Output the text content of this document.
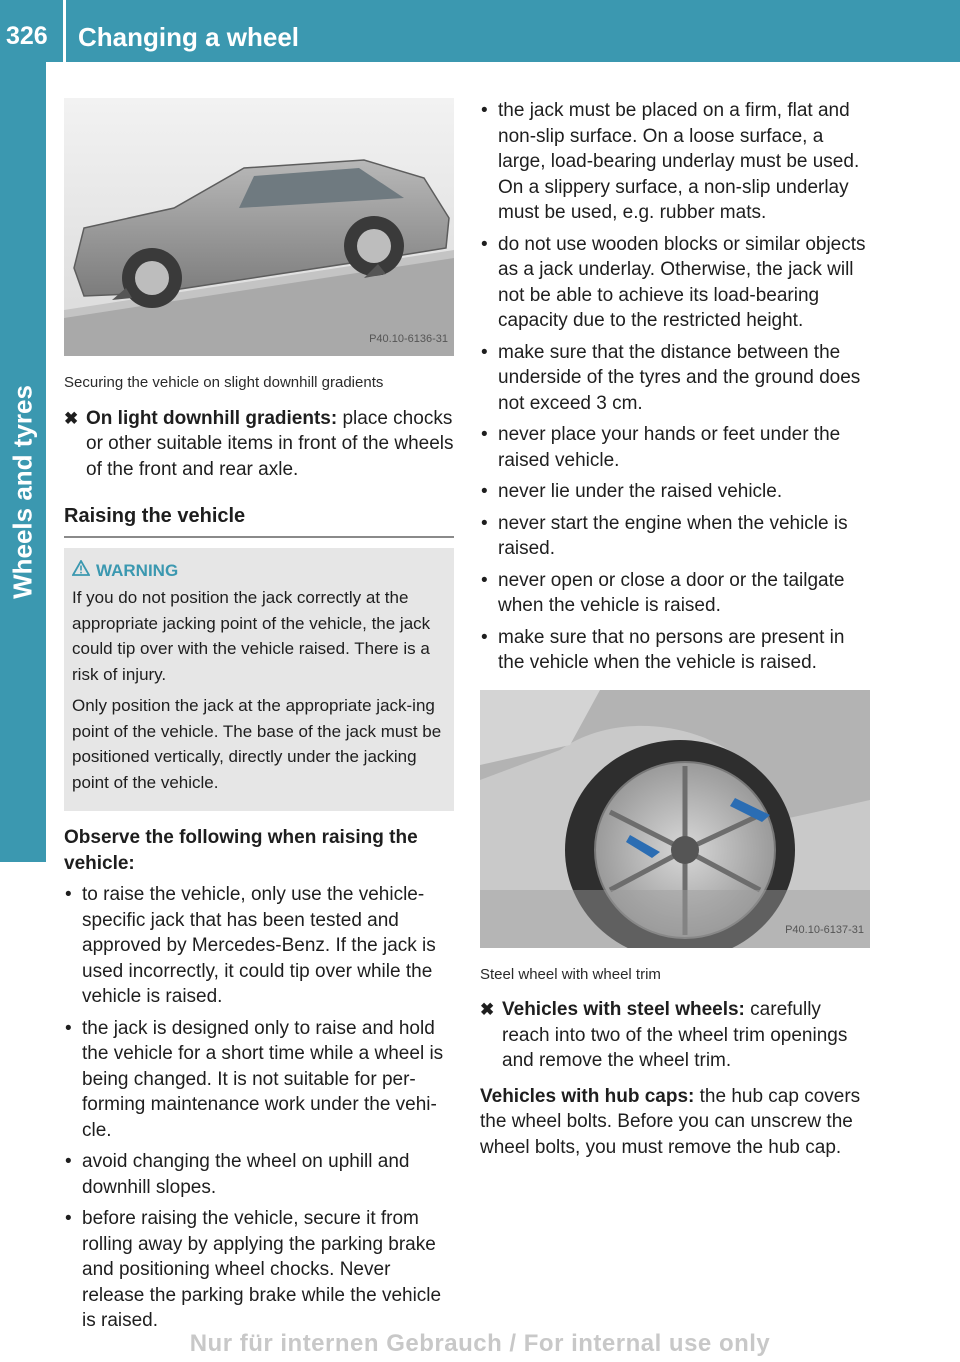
326 Changing a wheel
Wheels and tyres
P40.10-6136-31
Securing the vehicle on slight downhill gradients
✖ On light downhill gradients: place chocks or other suitable items in front of the wheels of the front and rear axle.
Raising the vehicle
WARNING

If you do not position the jack correctly at the appropriate jacking point of the vehicle, the jack could tip over with the vehicle raised. There is a risk of injury.

Only position the jack at the appropriate jack-ing point of the vehicle. The base of the jack must be positioned vertically, directly under the jacking point of the vehicle.

Observe the following when raising the vehicle:
• to raise the vehicle, only use the vehicle-specific jack that has been tested and approved by Mercedes-Benz. If the jack is used incorrectly, it could tip over while the vehicle is raised.
• the jack is designed only to raise and hold the vehicle for a short time while a wheel is being changed. It is not suitable for per-forming maintenance work under the vehi-cle.
• avoid changing the wheel on uphill and downhill slopes.
• before raising the vehicle, secure it from rolling away by applying the parking brake and positioning wheel chocks. Never release the parking brake while the vehicle is raised.
• the jack must be placed on a firm, flat and non-slip surface. On a loose surface, a large, load-bearing underlay must be used. On a slippery surface, a non-slip underlay must be used, e.g. rubber mats.
• do not use wooden blocks or similar objects as a jack underlay. Otherwise, the jack will not be able to achieve its load-bearing capacity due to the restricted height.
• make sure that the distance between the underside of the tyres and the ground does not exceed 3 cm.
• never place your hands or feet under the raised vehicle.
• never lie under the raised vehicle.
• never start the engine when the vehicle is raised.
• never open or close a door or the tailgate when the vehicle is raised.
• make sure that no persons are present in the vehicle when the vehicle is raised.
P40.10-6137-31
Steel wheel with wheel trim
✖ Vehicles with steel wheels: carefully reach into two of the wheel trim openings and remove the wheel trim.
Vehicles with hub caps: the hub cap covers the wheel bolts. Before you can unscrew the wheel bolts, you must remove the hub cap.
Nur für internen Gebrauch / For internal use only
